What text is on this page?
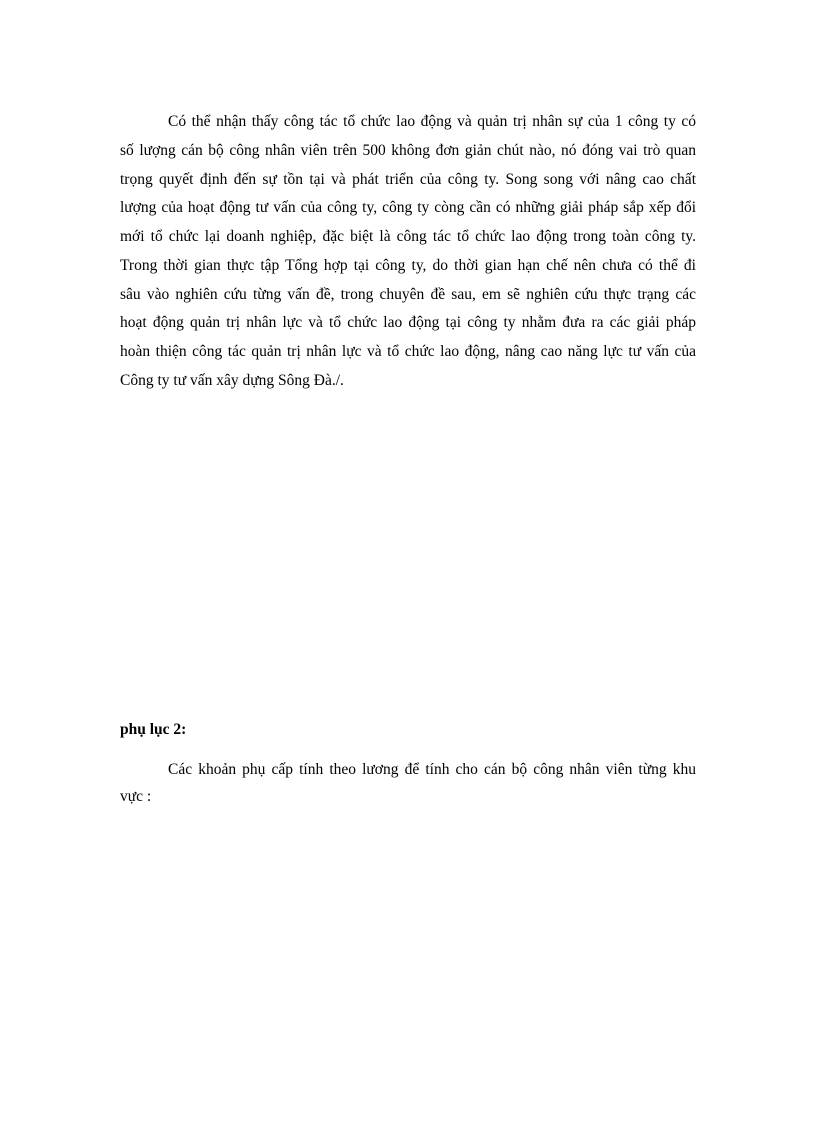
Có thể nhận thấy công tác tổ chức lao động và quản trị nhân sự của 1 công ty có
số lượng cán bộ công nhân viên trên 500 không đơn giản chút nào, nó đóng vai trò quan
trọng quyết định đến sự tồn tại và phát triển của công ty. Song song với nâng cao chất
lượng của hoạt động tư vấn của công ty, công ty còng cần có những giải pháp sắp xếp đổi
mới tổ chức lại doanh nghiệp, đặc biệt là công tác tổ chức lao động trong toàn công ty.
Trong thời gian thực tập Tổng hợp tại công ty, do thời gian hạn chế nên chưa có thể đi
sâu vào nghiên cứu từng vấn đề, trong chuyên đề sau, em sẽ nghiên cứu thực trạng các
hoạt động quản trị nhân lực và tổ chức lao động tại công ty nhằm đưa ra các giải pháp
hoàn thiện công tác quản trị nhân lực và tổ chức lao động, nâng cao năng lực tư vấn của
Công ty tư vấn xây dựng Sông Đà./.
phụ lục 2:
Các khoản phụ cấp tính theo lương để tính cho cán bộ công nhân viên từng khu
vực :
